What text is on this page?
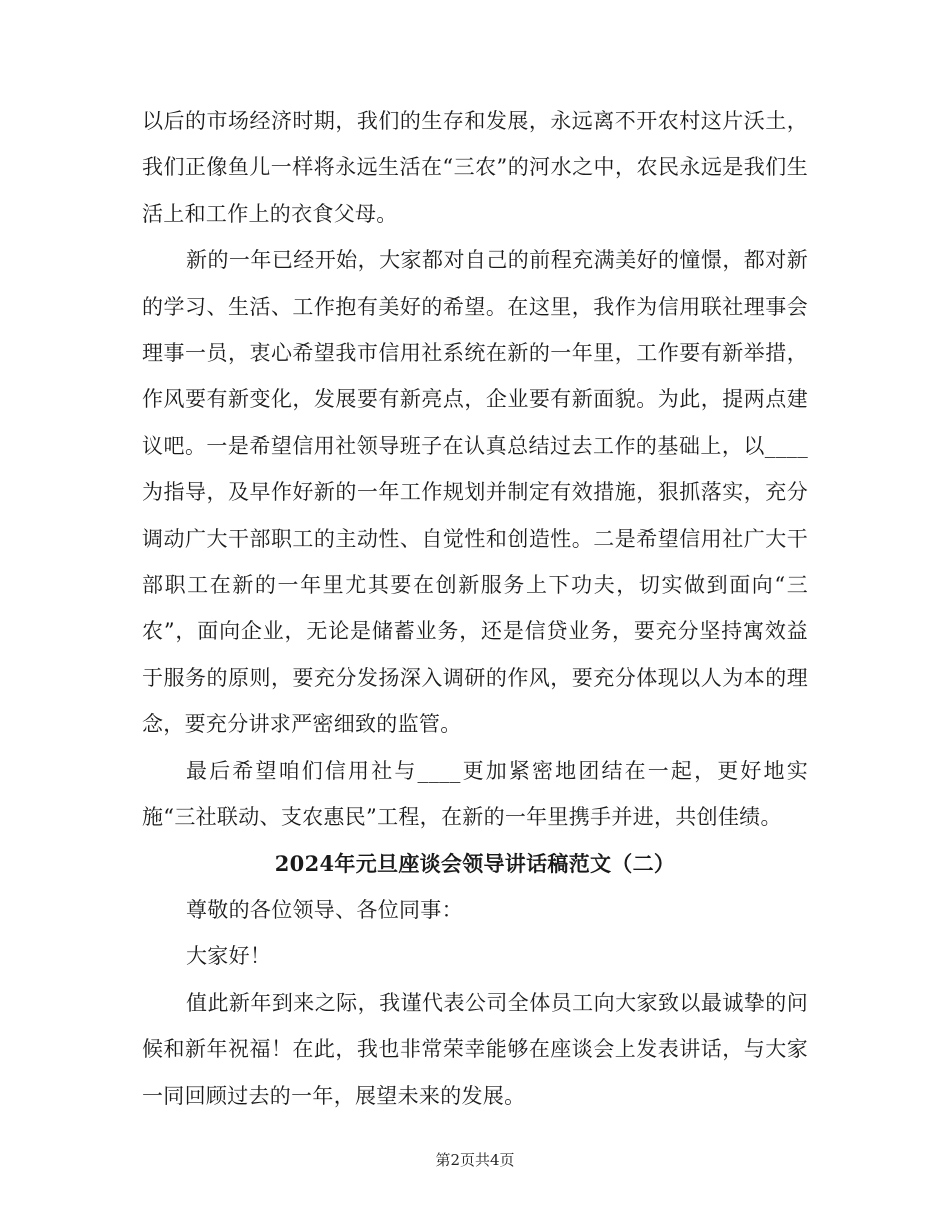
以后的市场经济时期，我们的生存和发展，永远离不开农村这片沃土，我们正像鱼儿一样将永远生活在“三农”的河水之中，农民永远是我们生活上和工作上的衣食父母。

新的一年已经开始，大家都对自己的前程充满美好的憧憬，都对新的学习、生活、工作抱有美好的希望。在这里，我作为信用联社理事会理事一员，衷心希望我市信用社系统在新的一年里，工作要有新举措，作风要有新变化，发展要有新亮点，企业要有新面貌。为此，提两点建议吧。一是希望信用社领导班子在认真总结过去工作的基础上，以____为指导，及早作好新的一年工作规划并制定有效措施，狠抓落实，充分调动广大干部职工的主动性、自觉性和创造性。二是希望信用社广大干部职工在新的一年里尤其要在创新服务上下功夫，切实做到面向“三农”，面向企业，无论是储蓄业务，还是信贷业务，要充分坚持寓效益于服务的原则，要充分发扬深入调研的作风，要充分体现以人为本的理念，要充分讲求严密细致的监管。

最后希望咱们信用社与____更加紧密地团结在一起，更好地实施“三社联动、支农惠民”工程，在新的一年里携手并进，共创佳绩。

2024年元旦座谈会领导讲话稿范文（二）

尊敬的各位领导、各位同事：

大家好！

值此新年到来之际，我谨代表公司全体员工向大家致以最诚挚的问候和新年祝福！在此，我也非常荣幸能够在座谈会上发表讲话，与大家一同回顾过去的一年，展望未来的发展。

第2页共4页
